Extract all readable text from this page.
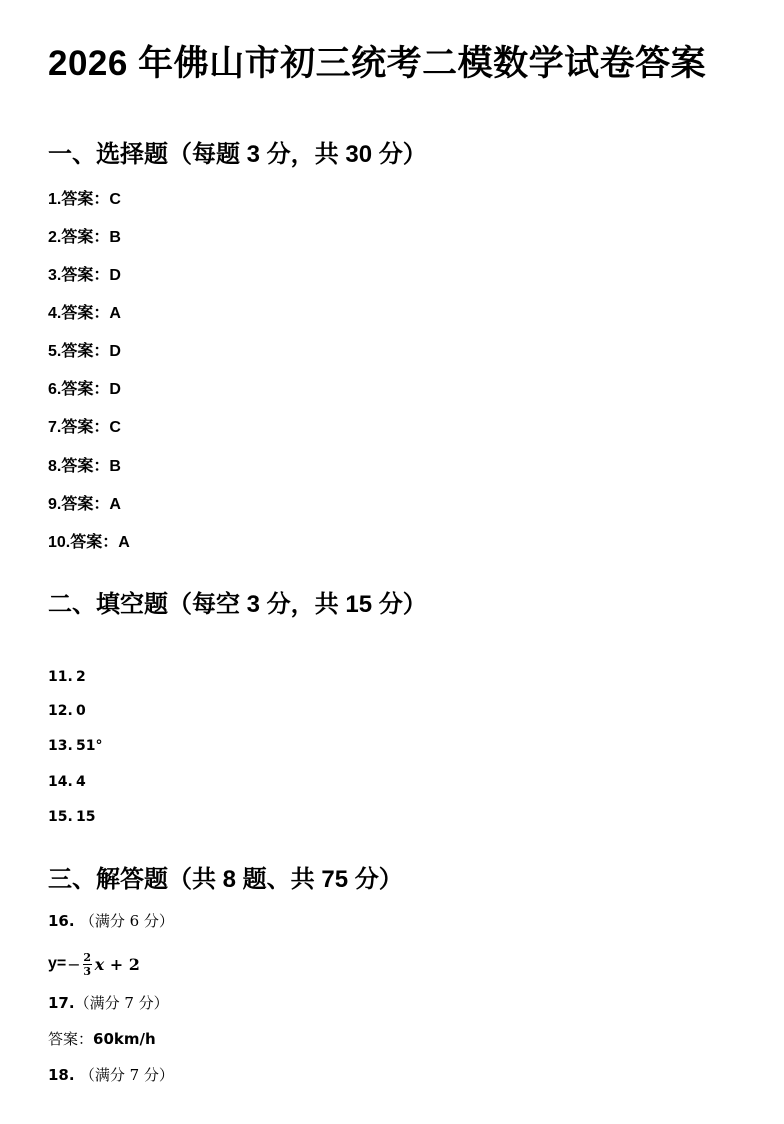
2026 年佛山市初三统考二模数学试卷答案
一、选择题（每题 3 分，共 30 分）
1.答案：C
2.答案：B
3.答案：D
4.答案：A
5.答案：D
6.答案：D
7.答案：C
8.答案：B
9.答案：A
10.答案：A
二、填空题（每空 3 分，共 15 分）
11. 2
12. 0
13. 51°
14. 4
15. 15
三、解答题（共 8 题、共 75 分）
16. （满分 6 分）
$y= - \frac{2}{3}$ x + 2
17.（满分 7 分）
答案：60km/h
18. （满分 7 分）
